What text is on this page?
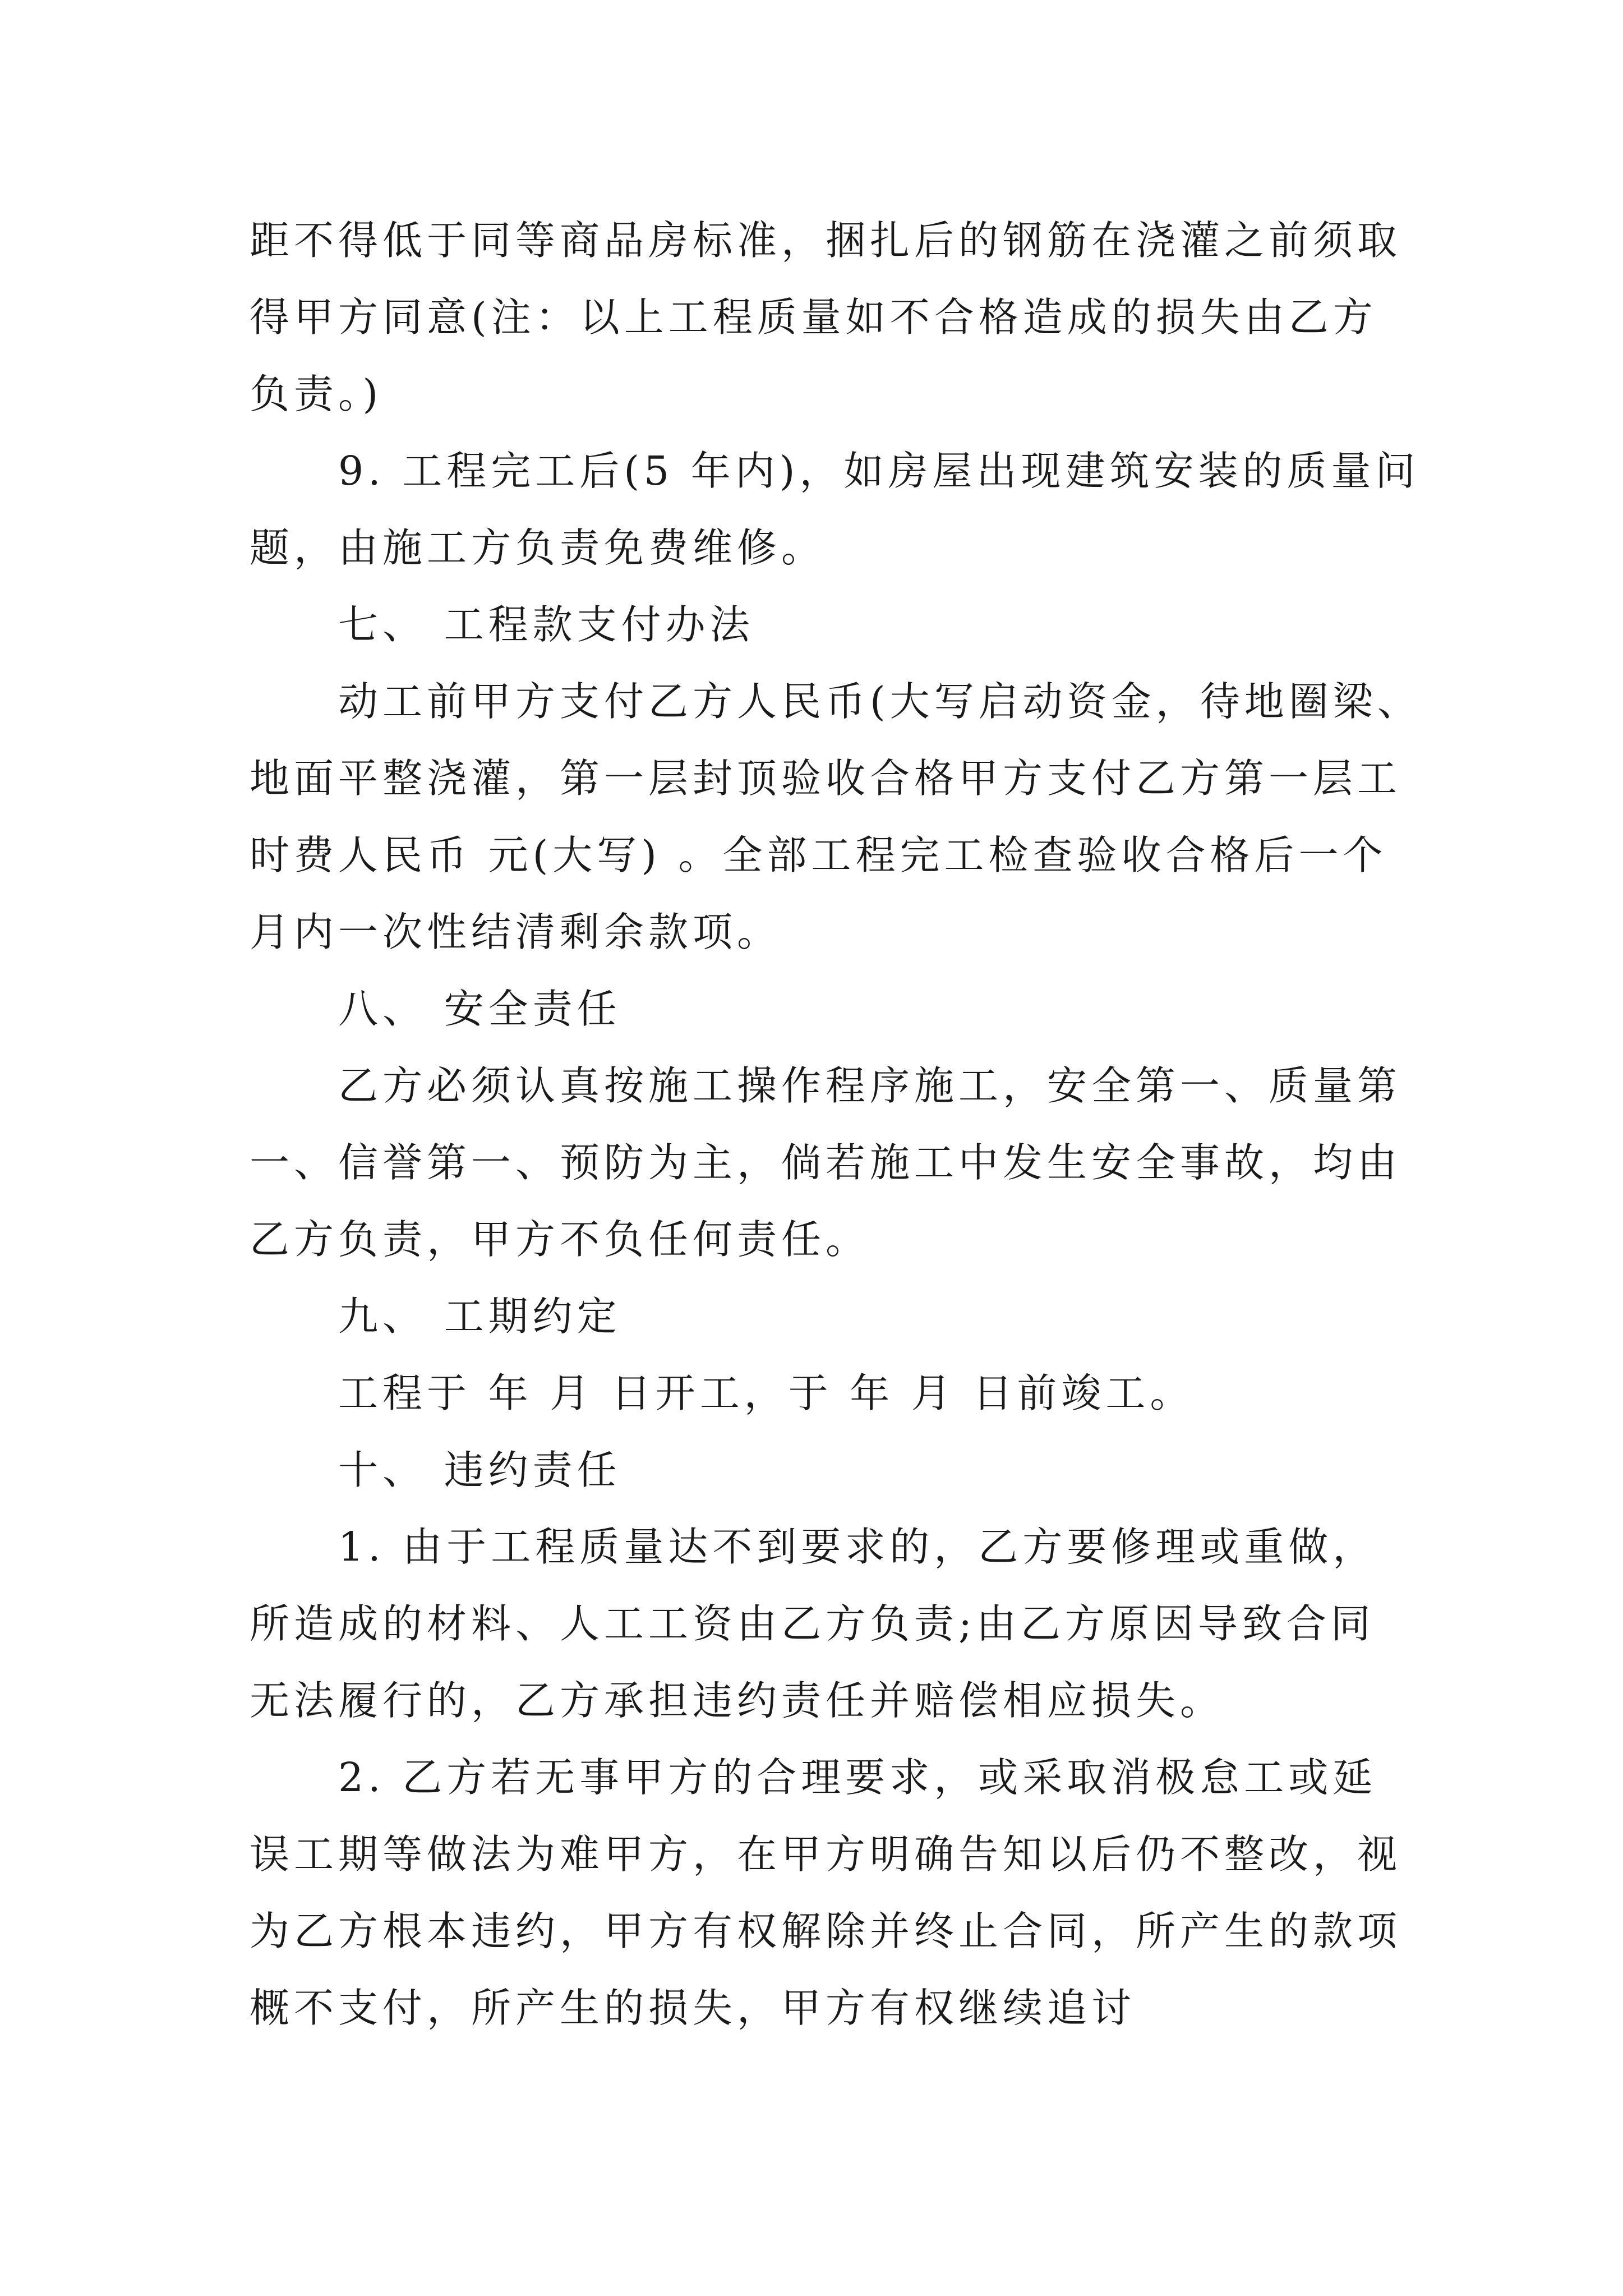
距不得低于同等商品房标准，捆扎后的钢筋在浇灌之前须取
得甲方同意(注：以上工程质量如不合格造成的损失由乙方
负责。)
9. 工程完工后(5 年内)，如房屋出现建筑安装的质量问
题，由施工方负责免费维修。
七、 工程款支付办法
动工前甲方支付乙方人民币(大写启动资金，待地圈梁、
地面平整浇灌，第一层封顶验收合格甲方支付乙方第一层工
时费人民币 元(大写) 。全部工程完工检查验收合格后一个
月内一次性结清剩余款项。
八、 安全责任
乙方必须认真按施工操作程序施工，安全第一、质量第
一、信誉第一、预防为主，倘若施工中发生安全事故，均由
乙方负责，甲方不负任何责任。
九、 工期约定
工程于 年 月 日开工，于 年 月 日前竣工。
十、 违约责任
1. 由于工程质量达不到要求的，乙方要修理或重做，
所造成的材料、人工工资由乙方负责;由乙方原因导致合同
无法履行的，乙方承担违约责任并赔偿相应损失。
2. 乙方若无事甲方的合理要求，或采取消极怠工或延
误工期等做法为难甲方，在甲方明确告知以后仍不整改，视
为乙方根本违约，甲方有权解除并终止合同，所产生的款项
概不支付，所产生的损失，甲方有权继续追讨
